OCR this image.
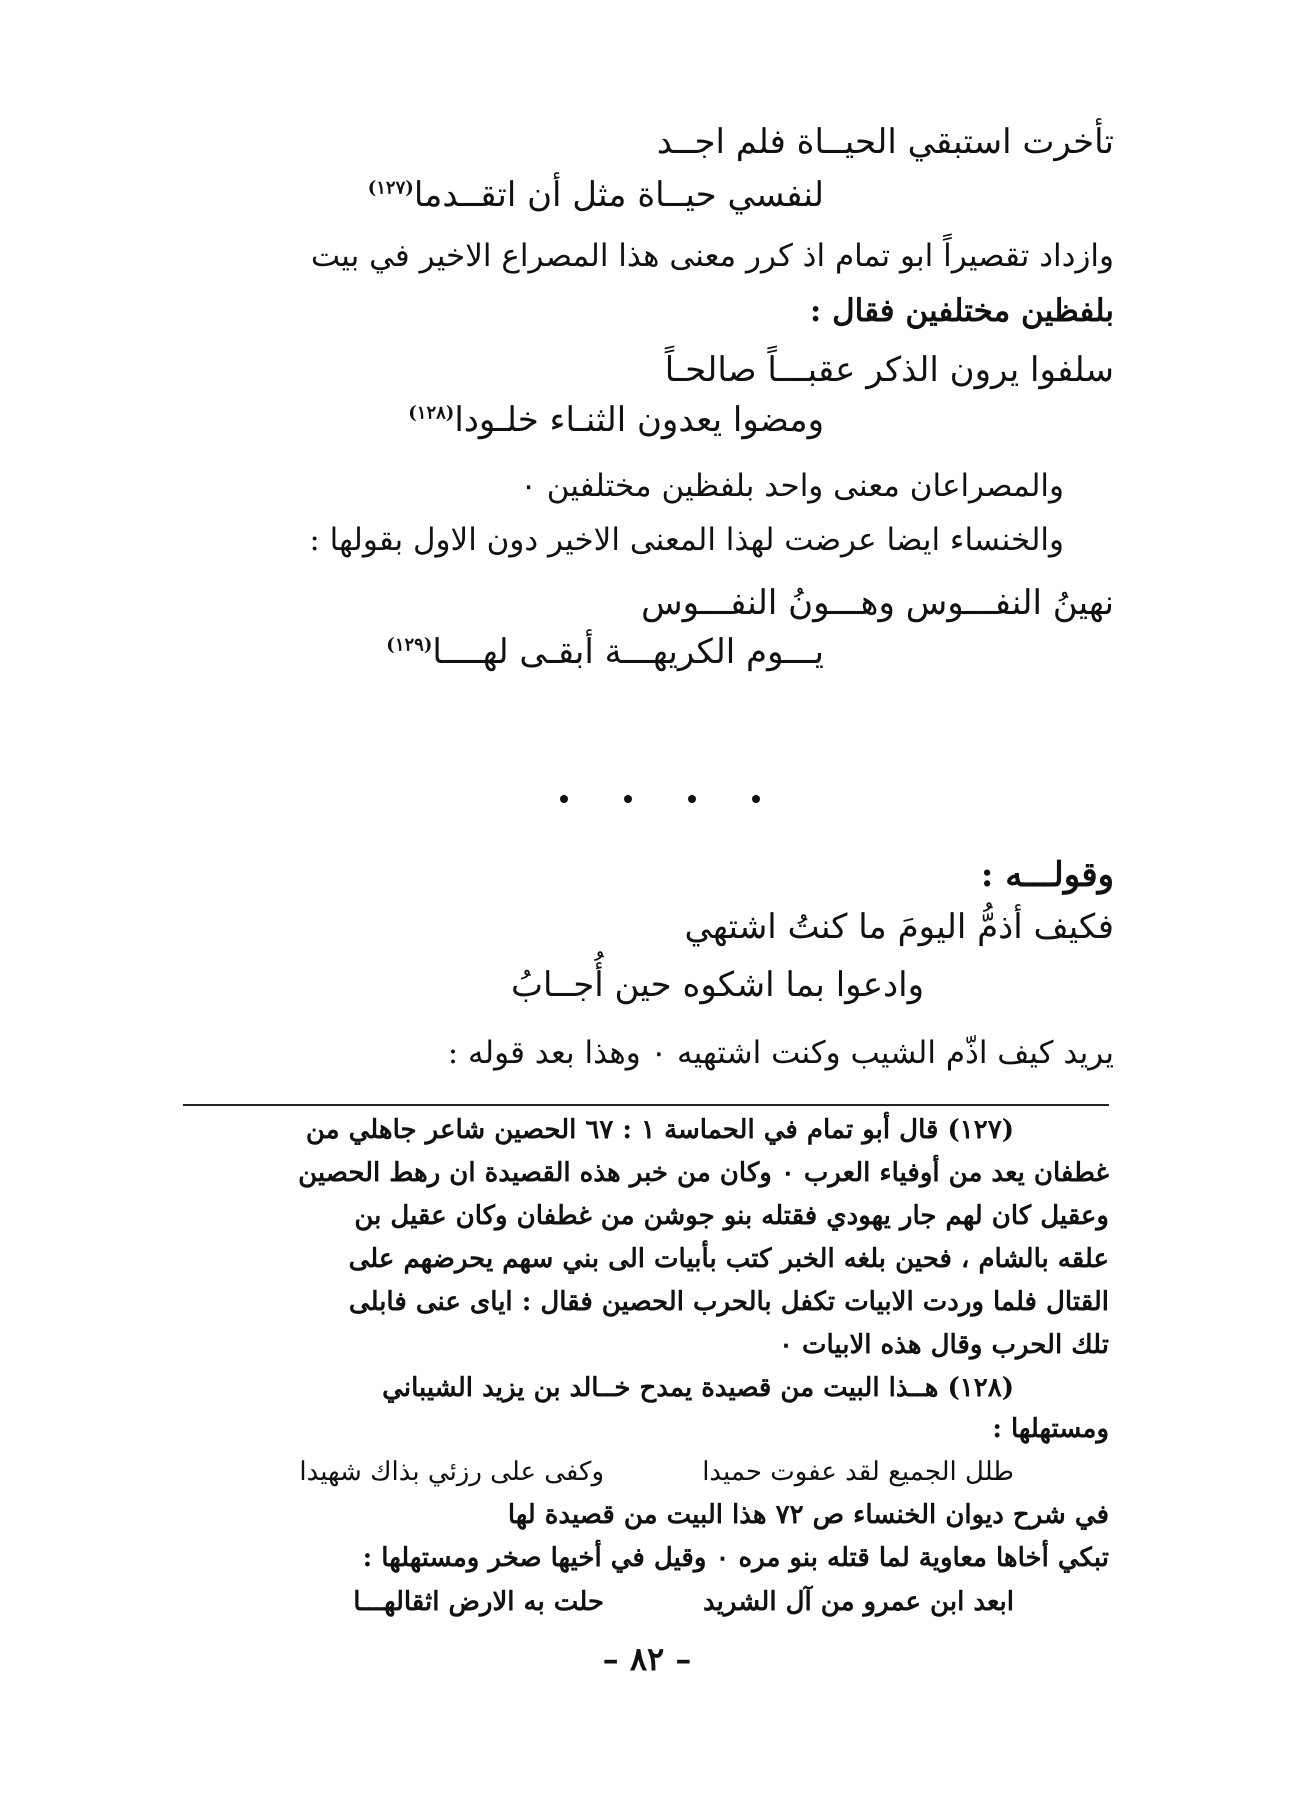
تأخرت استبقي الحيــاة فلم اجــد
لنفسي حيــاة مثل أن اتقــدما$^{(١٢٧)}$
وازداد تقصيراً ابو تمام اذ كرر معنى هذا المصراع الاخير في بيت
بلفظين مختلفين فقال :
سلفوا يرون الذكر عقبـــاً صالحـاً
ومضوا يعدون الثنـاء خلـودا$^{(١٢٨)}$
والمصراعان معنى واحد بلفظين مختلفين ٠
والخنساء ايضا عرضت لهذا المعنى الاخير دون الاول بقولها :
نهينُ النفـــوس وهـــونُ النفـــوس
يـــوم الكريهـــة أبقـى لهــــا$^{(١٢٩)}$
وقولـــه :
فكيف أذمُّ اليومَ ما كنتُ اشتهي
وادعوا بما اشكوه حين أُجــابُ
يريد كيف اذّم الشيب وكنت اشتهيه ٠ وهذا بعد قوله :
(١٢٧) قال أبو تمام في الحماسة ١ : ٦٧ الحصين شاعر جاهلي من
غطفان يعد من أوفياء العرب ٠ وكان من خبر هذه القصيدة ان رهط الحصين
وعقيل كان لهم جار يهودي فقتله بنو جوشن من غطفان وكان عقيل بن
علقه بالشام ، فحين بلغه الخبر كتب بأبيات الى بني سهم يحرضهم على
القتال فلما وردت الابيات تكفل بالحرب الحصين فقال : اياى عنى فابلى
تلك الحرب وقال هذه الابيات ٠
(١٢٨) هــذا البيت من قصيدة يمدح خــالد بن يزيد الشيباني
ومستهلها :
طلل الجميع لقد عفوت حميدا
وكفى على رزئي بذاك شهيدا
في شرح ديوان الخنساء ص ٧٢ هذا البيت من قصيدة لها
تبكي أخاها معاوية لما قتله بنو مره ٠ وقيل في أخيها صخر ومستهلها :
ابعد ابن عمرو من آل الشريد
حلت به الارض اثقالهـــا
– ٨٢ –
